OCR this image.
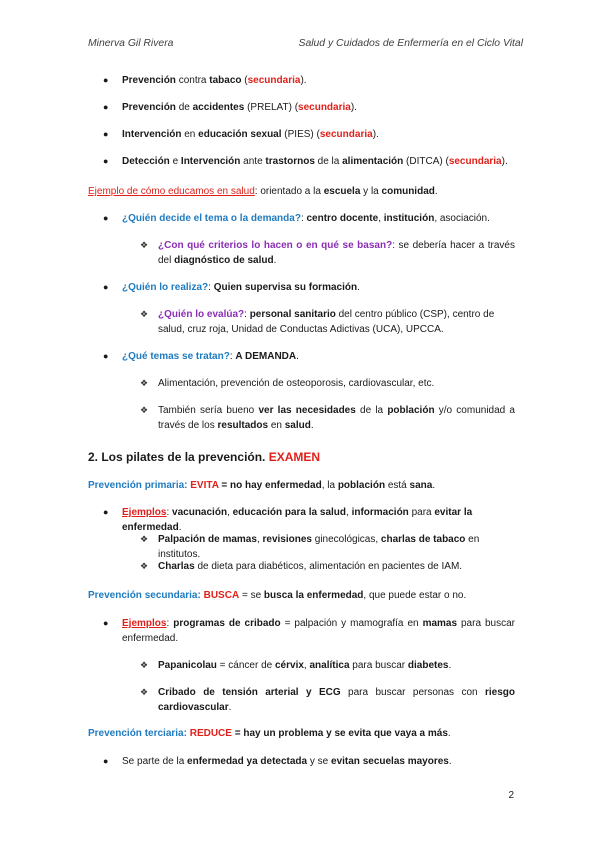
Minerva Gil Rivera	Salud y Cuidados de Enfermería en el Ciclo Vital
● Prevención contra tabaco (secundaria).
● Prevención de accidentes (PRELAT) (secundaria).
● Intervención en educación sexual (PIES) (secundaria).
● Detección e Intervención ante trastornos de la alimentación (DITCA) (secundaria).
Ejemplo de cómo educamos en salud: orientado a la escuela y la comunidad.
● ¿Quién decide el tema o la demanda?: centro docente, institución, asociación.
❖ ¿Con qué criterios lo hacen o en qué se basan?: se debería hacer a través del diagnóstico de salud.
● ¿Quién lo realiza?: Quien supervisa su formación.
❖ ¿Quién lo evalúa?: personal sanitario del centro público (CSP), centro de salud, cruz roja, Unidad de Conductas Adictivas (UCA), UPCCA.
● ¿Qué temas se tratan?: A DEMANDA.
❖ Alimentación, prevención de osteoporosis, cardiovascular, etc.
❖ También sería bueno ver las necesidades de la población y/o comunidad a través de los resultados en salud.
2. Los pilates de la prevención. EXAMEN
Prevención primaria: EVITA = no hay enfermedad, la población está sana.
● Ejemplos: vacunación, educación para la salud, información para evitar la enfermedad.
❖ Palpación de mamas, revisiones ginecológicas, charlas de tabaco en institutos.
❖ Charlas de dieta para diabéticos, alimentación en pacientes de IAM.
Prevención secundaria: BUSCA = se busca la enfermedad, que puede estar o no.
● Ejemplos: programas de cribado = palpación y mamografía en mamas para buscar enfermedad.
❖ Papanicolau = cáncer de cérvix, analítica para buscar diabetes.
❖ Cribado de tensión arterial y ECG para buscar personas con riesgo cardiovascular.
Prevención terciaria: REDUCE = hay un problema y se evita que vaya a más.
● Se parte de la enfermedad ya detectada y se evitan secuelas mayores.
2
